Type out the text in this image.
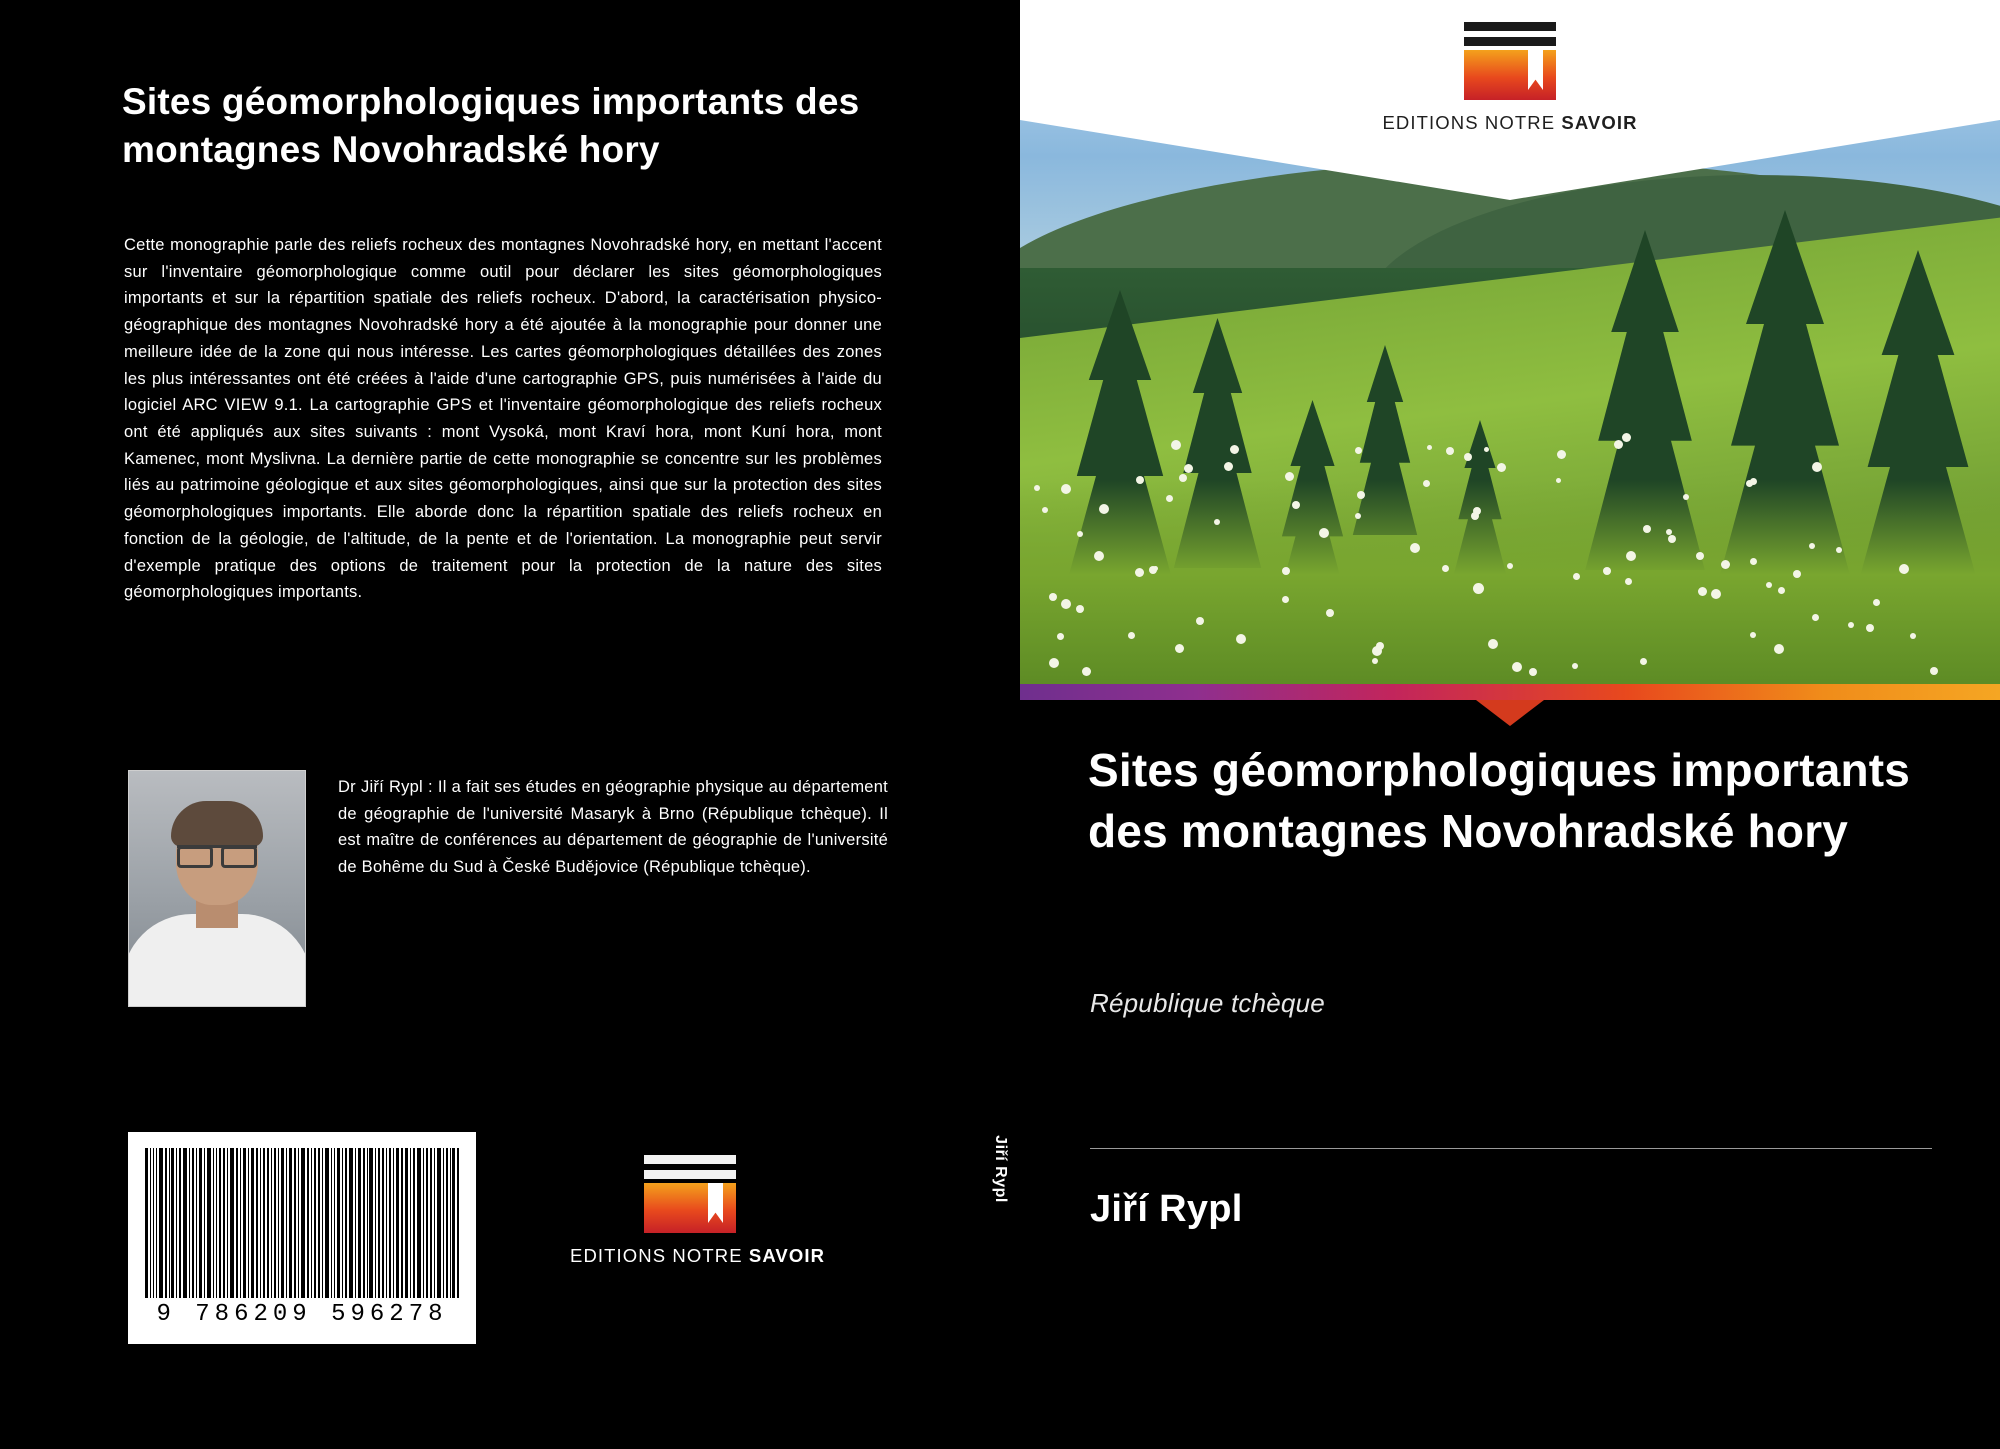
Sites géomorphologiques importants des montagnes Novohradské hory
Cette monographie parle des reliefs rocheux des montagnes Novohradské hory, en mettant l'accent sur l'inventaire géomorphologique comme outil pour déclarer les sites géomorphologiques importants et sur la répartition spatiale des reliefs rocheux. D'abord, la caractérisation physico-géographique des montagnes Novohradské hory a été ajoutée à la monographie pour donner une meilleure idée de la zone qui nous intéresse. Les cartes géomorphologiques détaillées des zones les plus intéressantes ont été créées à l'aide d'une cartographie GPS, puis numérisées à l'aide du logiciel ARC VIEW 9.1. La cartographie GPS et l'inventaire géomorphologique des reliefs rocheux ont été appliqués aux sites suivants : mont Vysoká, mont Kraví hora, mont Kuní hora, mont Kamenec, mont Myslivna. La dernière partie de cette monographie se concentre sur les problèmes liés au patrimoine géologique et aux sites géomorphologiques, ainsi que sur la protection des sites géomorphologiques importants. Elle aborde donc la répartition spatiale des reliefs rocheux en fonction de la géologie, de l'altitude, de la pente et de l'orientation. La monographie peut servir d'exemple pratique des options de traitement pour la protection de la nature des sites géomorphologiques importants.
Dr Jiří Rypl : Il a fait ses études en géographie physique au département de géographie de l'université Masaryk à Brno (République tchèque). Il est maître de conférences au département de géographie de l'université de Bohême du Sud à České Budějovice (République tchèque).
9 786209 596278
EDITIONS NOTRE SAVOIR
Jiří Rypl
EDITIONS NOTRE SAVOIR
Sites géomorphologiques importants des montagnes Novohradské hory
République tchèque
Jiří Rypl
